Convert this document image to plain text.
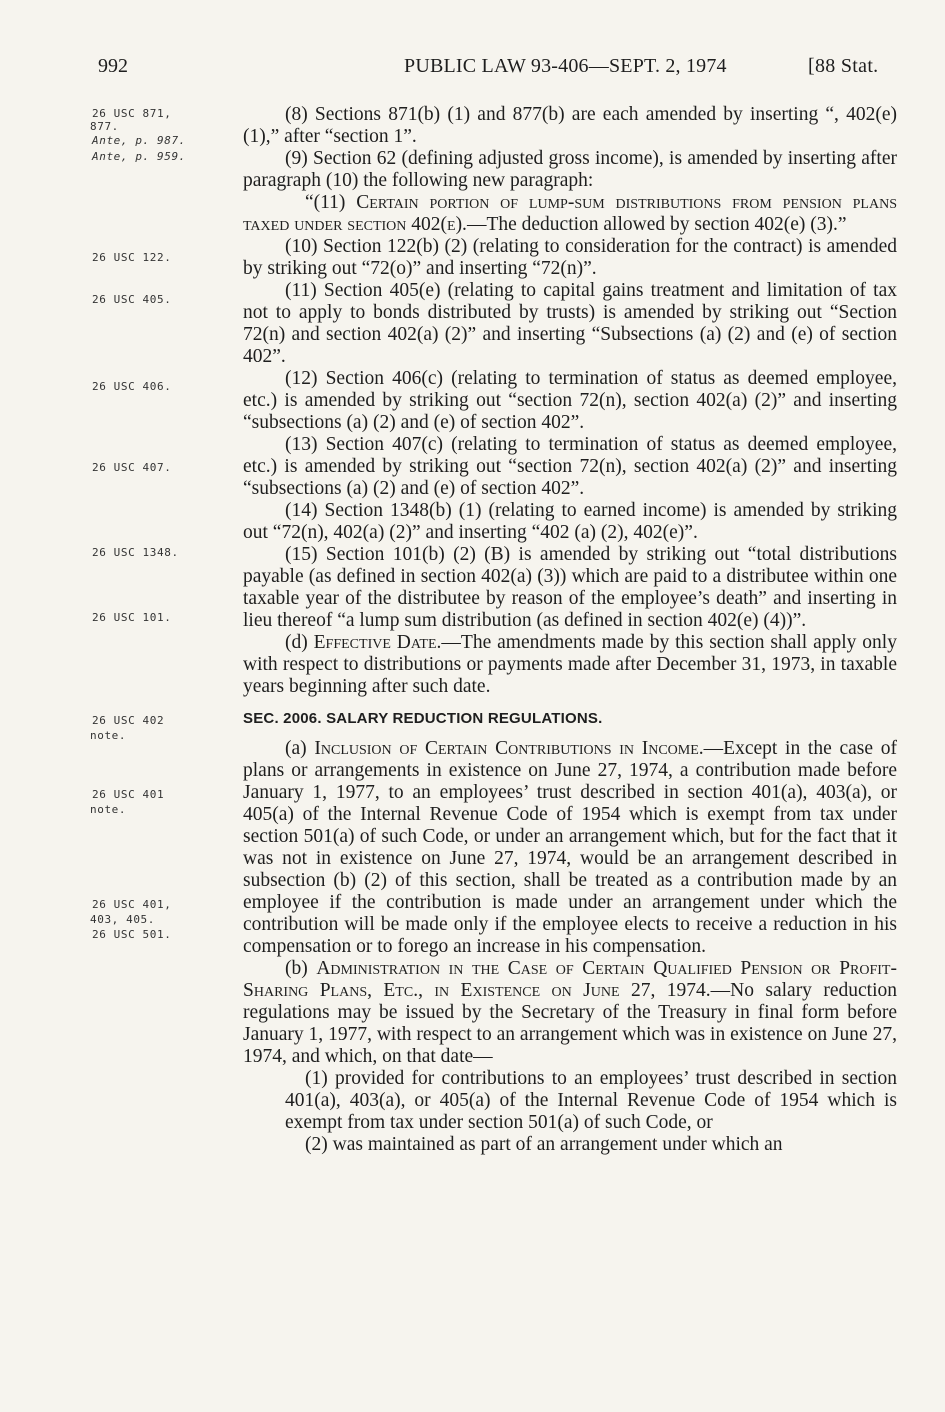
992	PUBLIC LAW 93-406—SEPT. 2, 1974	[88 Stat.
26 USC 871,
877.
Ante, p. 987.
Ante, p. 959.
26 USC 122.
26 USC 405.
26 USC 406.
26 USC 407.
26 USC 1348.
26 USC 101.
26 USC 402
note.
26 USC 401
note.
26 USC 401,
403, 405.
26 USC 501.

(8) Sections 871(b) (1) and 877(b) are each amended by inserting “, 402(e) (1),” after “section 1”.

(9) Section 62 (defining adjusted gross income), is amended by inserting after paragraph (10) the following new paragraph:

“(11) Certain portion of lump-sum distributions from pension plans taxed under section 402(e).—The deduction allowed by section 402(e) (3).”

(10) Section 122(b) (2) (relating to consideration for the contract) is amended by striking out “72(o)” and inserting “72(n)”.

(11) Section 405(e) (relating to capital gains treatment and limitation of tax not to apply to bonds distributed by trusts) is amended by striking out “Section 72(n) and section 402(a) (2)” and inserting “Subsections (a) (2) and (e) of section 402”.

(12) Section 406(c) (relating to termination of status as deemed employee, etc.) is amended by striking out “section 72(n), section 402(a) (2)” and inserting “subsections (a) (2) and (e) of section 402”.

(13) Section 407(c) (relating to termination of status as deemed employee, etc.) is amended by striking out “section 72(n), section 402(a) (2)” and inserting “subsections (a) (2) and (e) of section 402”.

(14) Section 1348(b) (1) (relating to earned income) is amended by striking out “72(n), 402(a) (2)” and inserting “402 (a) (2), 402(e)”.

(15) Section 101(b) (2) (B) is amended by striking out “total distributions payable (as defined in section 402(a) (3)) which are paid to a distributee within one taxable year of the distributee by reason of the employee’s death” and inserting in lieu thereof “a lump sum distribution (as defined in section 402(e) (4))”.

(d) Effective Date.—The amendments made by this section shall apply only with respect to distributions or payments made after December 31, 1973, in taxable years beginning after such date.

SEC. 2006. SALARY REDUCTION REGULATIONS.

(a) Inclusion of Certain Contributions in Income.—Except in the case of plans or arrangements in existence on June 27, 1974, a contribution made before January 1, 1977, to an employees’ trust described in section 401(a), 403(a), or 405(a) of the Internal Revenue Code of 1954 which is exempt from tax under section 501(a) of such Code, or under an arrangement which, but for the fact that it was not in existence on June 27, 1974, would be an arrangement described in subsection (b) (2) of this section, shall be treated as a contribution made by an employee if the contribution is made under an arrangement under which the contribution will be made only if the employee elects to receive a reduction in his compensation or to forego an increase in his compensation.

(b) Administration in the Case of Certain Qualified Pension or Profit-Sharing Plans, Etc., in Existence on June 27, 1974.—No salary reduction regulations may be issued by the Secretary of the Treasury in final form before January 1, 1977, with respect to an arrangement which was in existence on June 27, 1974, and which, on that date—

(1) provided for contributions to an employees’ trust described in section 401(a), 403(a), or 405(a) of the Internal Revenue Code of 1954 which is exempt from tax under section 501(a) of such Code, or

(2) was maintained as part of an arrangement under which an
